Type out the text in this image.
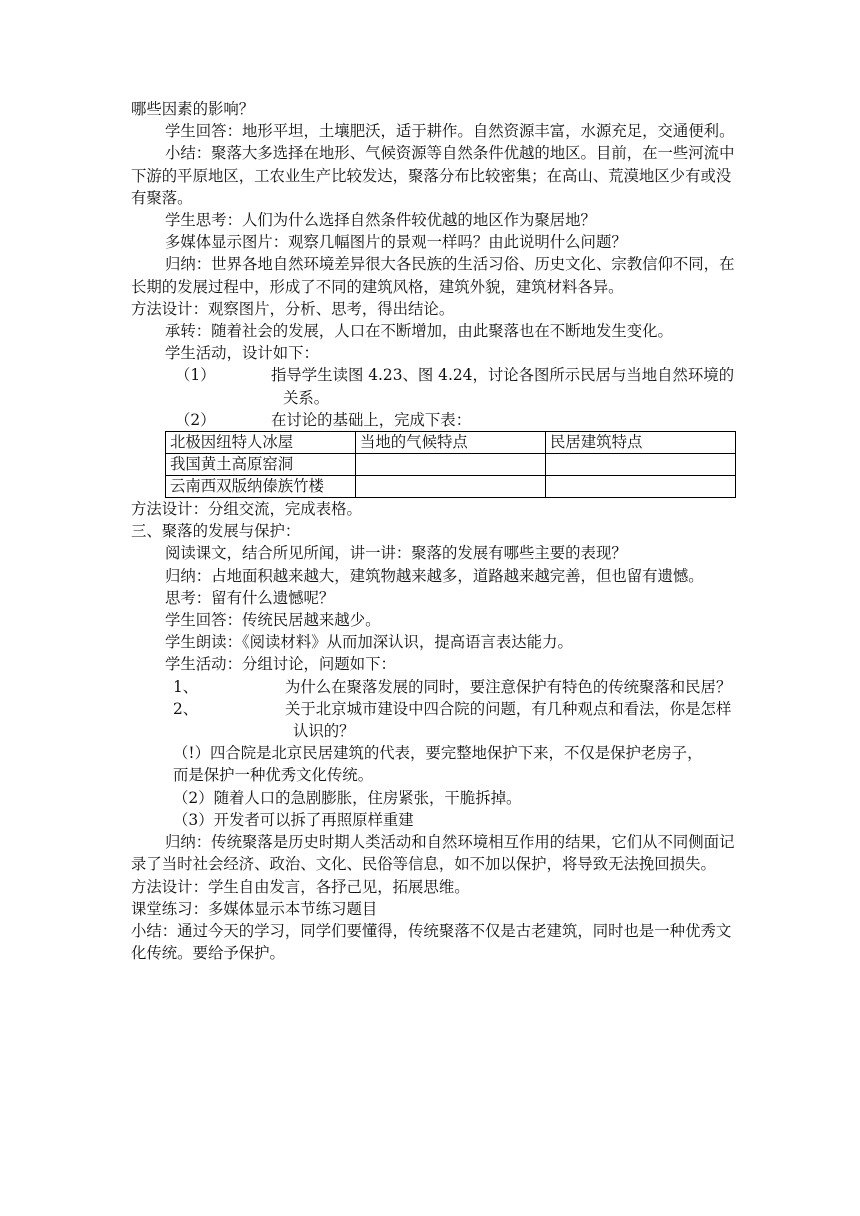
哪些因素的影响？

学生回答：地形平坦，土壤肥沃，适于耕作。自然资源丰富，水源充足，交通便利。

小结：聚落大多选择在地形、气候资源等自然条件优越的地区。目前，在一些河流中下游的平原地区，工农业生产比较发达，聚落分布比较密集；在高山、荒漠地区少有或没有聚落。

学生思考：人们为什么选择自然条件较优越的地区作为聚居地？

多媒体显示图片：观察几幅图片的景观一样吗？由此说明什么问题？

归纳：世界各地自然环境差异很大各民族的生活习俗、历史文化、宗教信仰不同，在长期的发展过程中，形成了不同的建筑风格，建筑外貌，建筑材料各异。

方法设计：观察图片，分析、思考，得出结论。

承转：随着社会的发展，人口在不断增加，由此聚落也在不断地发生变化。

学生活动，设计如下：

（1）	指导学生读图 4.23、图 4.24，讨论各图所示民居与当地自然环境的关系。
（2）	在讨论的基础上，完成下表：
北极因纽特人冰屋	当地的气候特点	民居建筑特点
我国黄土高原窑洞		
云南西双版纳傣族竹楼		

方法设计：分组交流，完成表格。

三、聚落的发展与保护：

阅读课文，结合所见所闻，讲一讲：聚落的发展有哪些主要的表现？

归纳：占地面积越来越大，建筑物越来越多，道路越来越完善，但也留有遗憾。

思考：留有什么遗憾呢？

学生回答：传统民居越来越少。

学生朗读：《阅读材料》从而加深认识，提高语言表达能力。

学生活动：分组讨论，问题如下：

1、	为什么在聚落发展的同时，要注意保护有特色的传统聚落和民居？
2、	关于北京城市建设中四合院的问题，有几种观点和看法，你是怎样认识的？

（!）四合院是北京民居建筑的代表，要完整地保护下来，不仅是保护老房子，

而是保护一种优秀文化传统。

（2）随着人口的急剧膨胀，住房紧张，干脆拆掉。

（3）开发者可以拆了再照原样重建

归纳：传统聚落是历史时期人类活动和自然环境相互作用的结果，它们从不同侧面记录了当时社会经济、政治、文化、民俗等信息，如不加以保护，将导致无法挽回损失。

方法设计：学生自由发言，各抒己见，拓展思维。

课堂练习：多媒体显示本节练习题目

小结：通过今天的学习，同学们要懂得，传统聚落不仅是古老建筑，同时也是一种优秀文化传统。要给予保护。
